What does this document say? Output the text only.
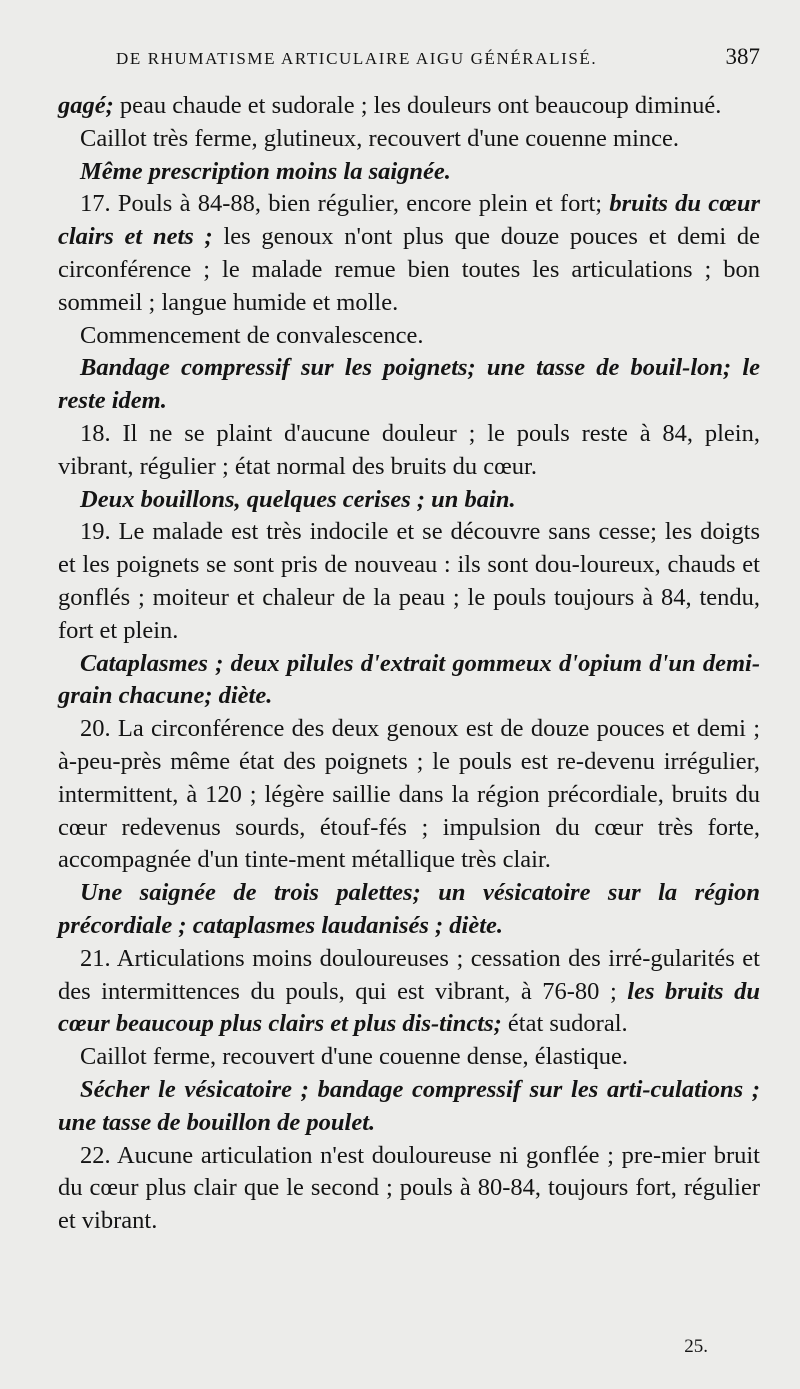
DE RHUMATISME ARTICULAIRE AIGU GÉNÉRALISÉ.	387

gagé; peau chaude et sudorale ; les douleurs ont beaucoup diminué.

Caillot très ferme, glutineux, recouvert d'une couenne mince.

Même prescription moins la saignée.

17. Pouls à 84-88, bien régulier, encore plein et fort; bruits du cœur clairs et nets ; les genoux n'ont plus que douze pouces et demi de circonférence ; le malade remue bien toutes les articulations ; bon sommeil ; langue humide et molle.

Commencement de convalescence.

Bandage compressif sur les poignets; une tasse de bouil-lon; le reste idem.

18. Il ne se plaint d'aucune douleur ; le pouls reste à 84, plein, vibrant, régulier ; état normal des bruits du cœur.

Deux bouillons, quelques cerises ; un bain.

19. Le malade est très indocile et se découvre sans cesse; les doigts et les poignets se sont pris de nouveau : ils sont dou-loureux, chauds et gonflés ; moiteur et chaleur de la peau ; le pouls toujours à 84, tendu, fort et plein.

Cataplasmes ; deux pilules d'extrait gommeux d'opium d'un demi-grain chacune; diète.

20. La circonférence des deux genoux est de douze pouces et demi ; à-peu-près même état des poignets ; le pouls est re-devenu irrégulier, intermittent, à 120 ; légère saillie dans la région précordiale, bruits du cœur redevenus sourds, étouf-fés ; impulsion du cœur très forte, accompagnée d'un tinte-ment métallique très clair.

Une saignée de trois palettes; un vésicatoire sur la région précordiale ; cataplasmes laudanisés ; diète.

21. Articulations moins douloureuses ; cessation des irré-gularités et des intermittences du pouls, qui est vibrant, à 76-80 ; les bruits du cœur beaucoup plus clairs et plus dis-tincts; état sudoral.

Caillot ferme, recouvert d'une couenne dense, élastique.

Sécher le vésicatoire ; bandage compressif sur les arti-culations ; une tasse de bouillon de poulet.

22. Aucune articulation n'est douloureuse ni gonflée ; pre-mier bruit du cœur plus clair que le second ; pouls à 80-84, toujours fort, régulier et vibrant.

25.
